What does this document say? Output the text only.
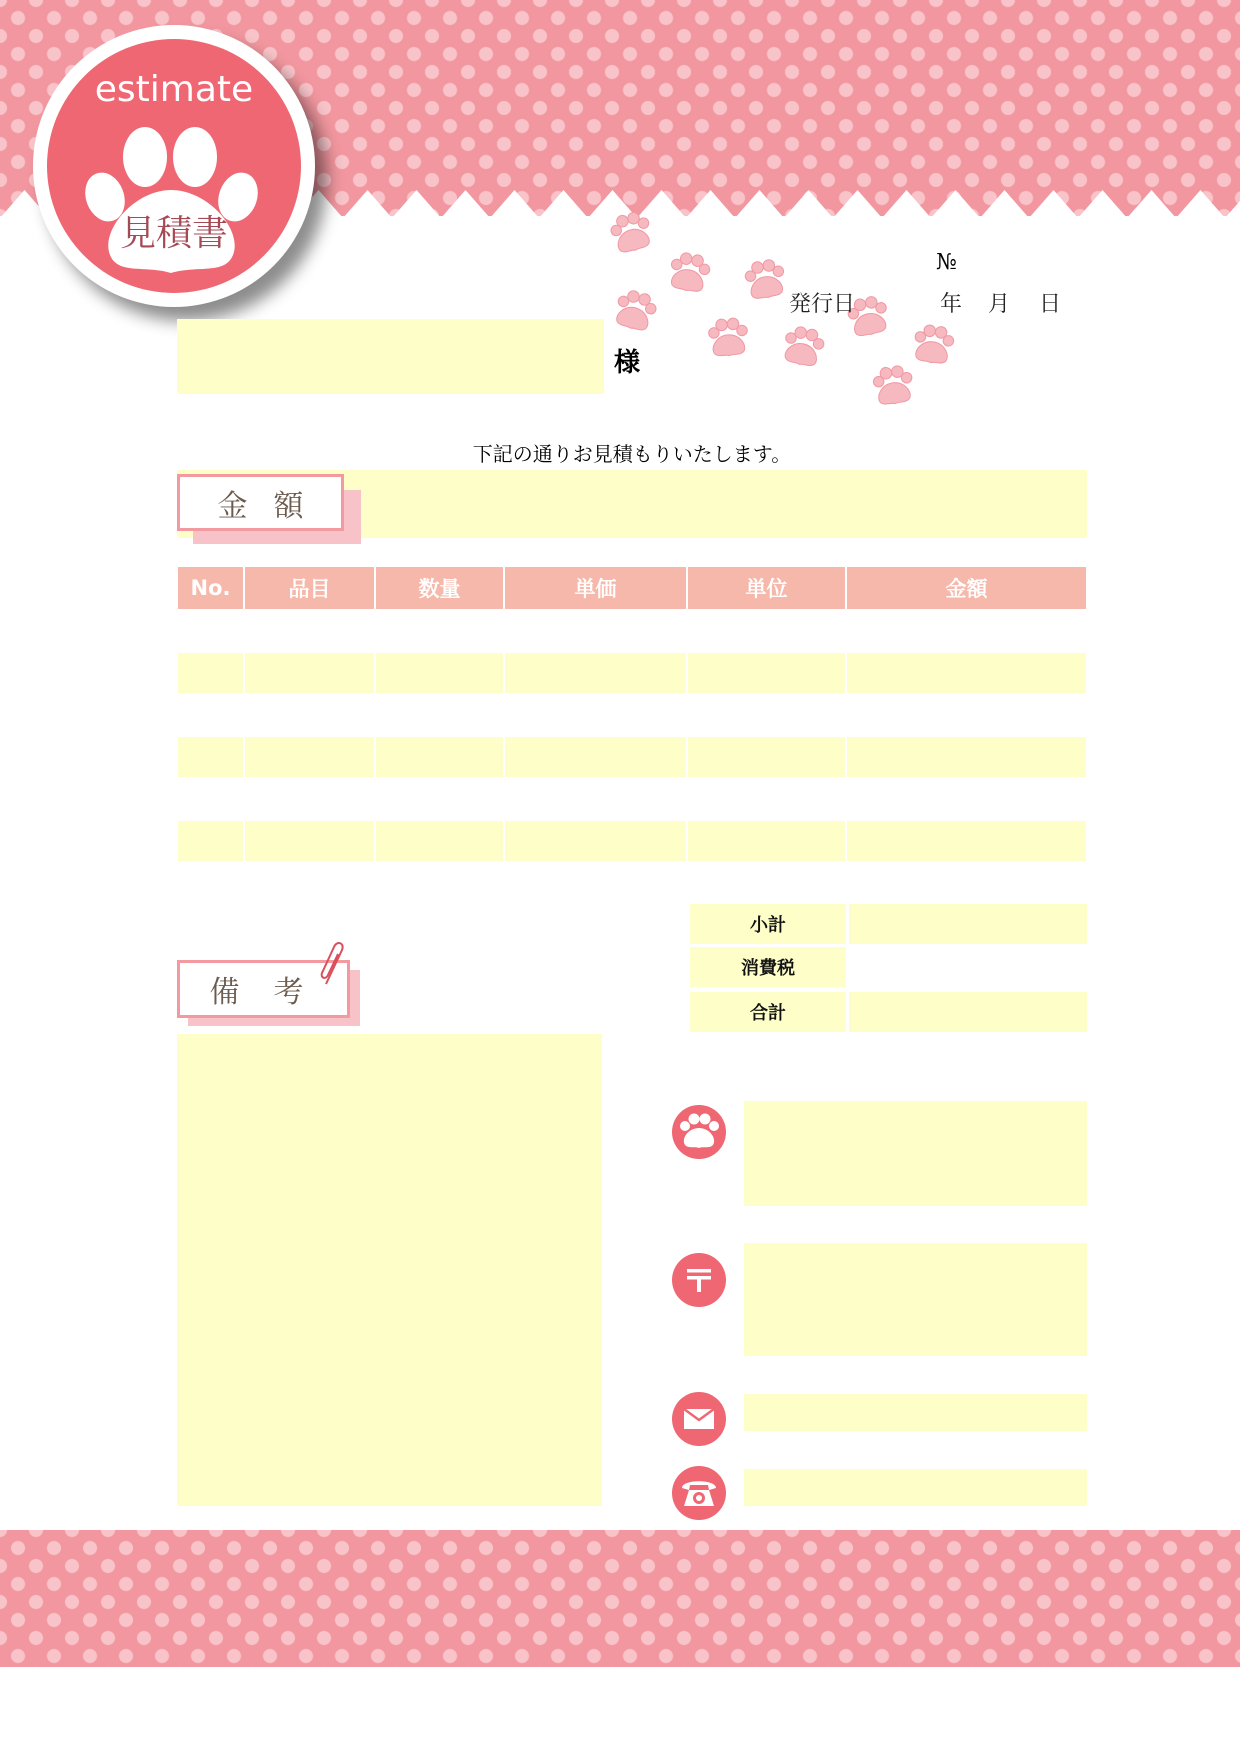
estimate
見積書
№
発行日	年 月 日
様
下記の通りお見積もりいたします。
金額
No.	品目	数量	単価	単位	金額
小計
消費税
合計
備考
